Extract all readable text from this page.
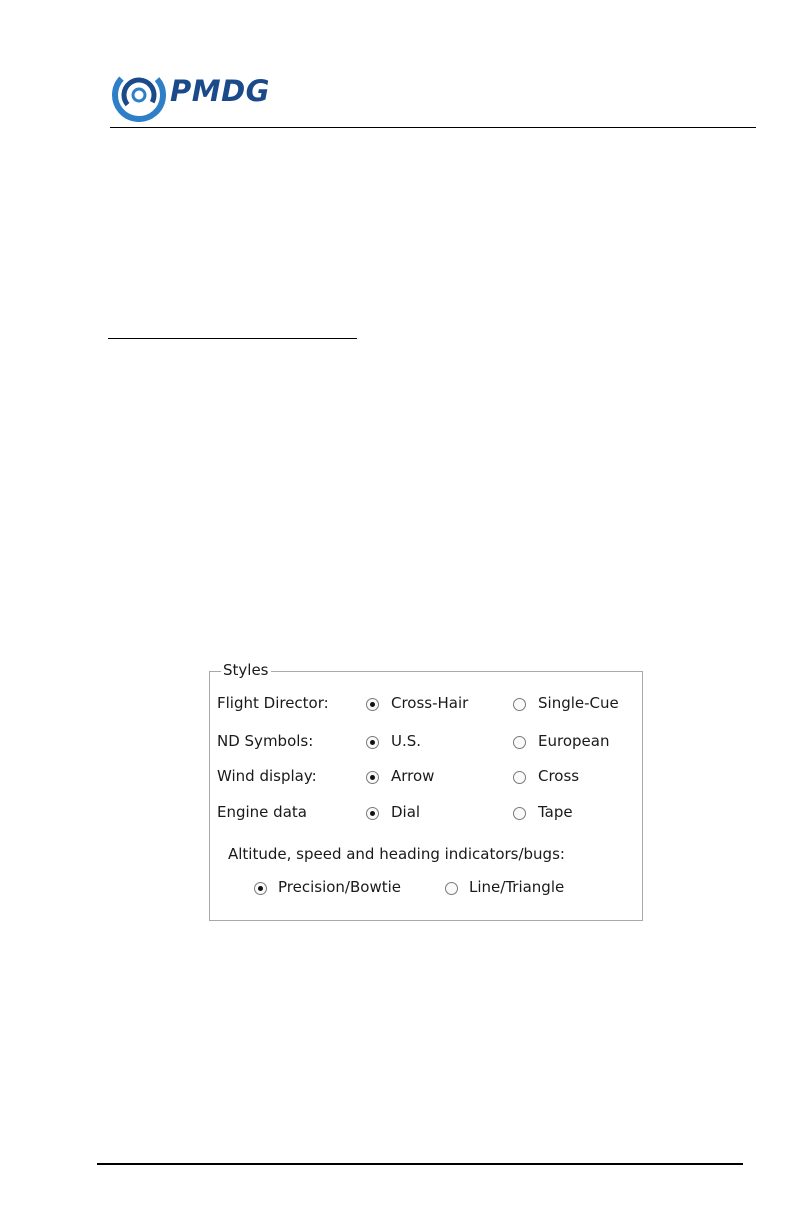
PMDG
Styles
Flight Director:	Cross-Hair	Single-Cue
ND Symbols:	U.S.	European
Wind display:	Arrow	Cross
Engine data	Dial	Tape
Altitude, speed and heading indicators/bugs:
Precision/Bowtie	Line/Triangle
